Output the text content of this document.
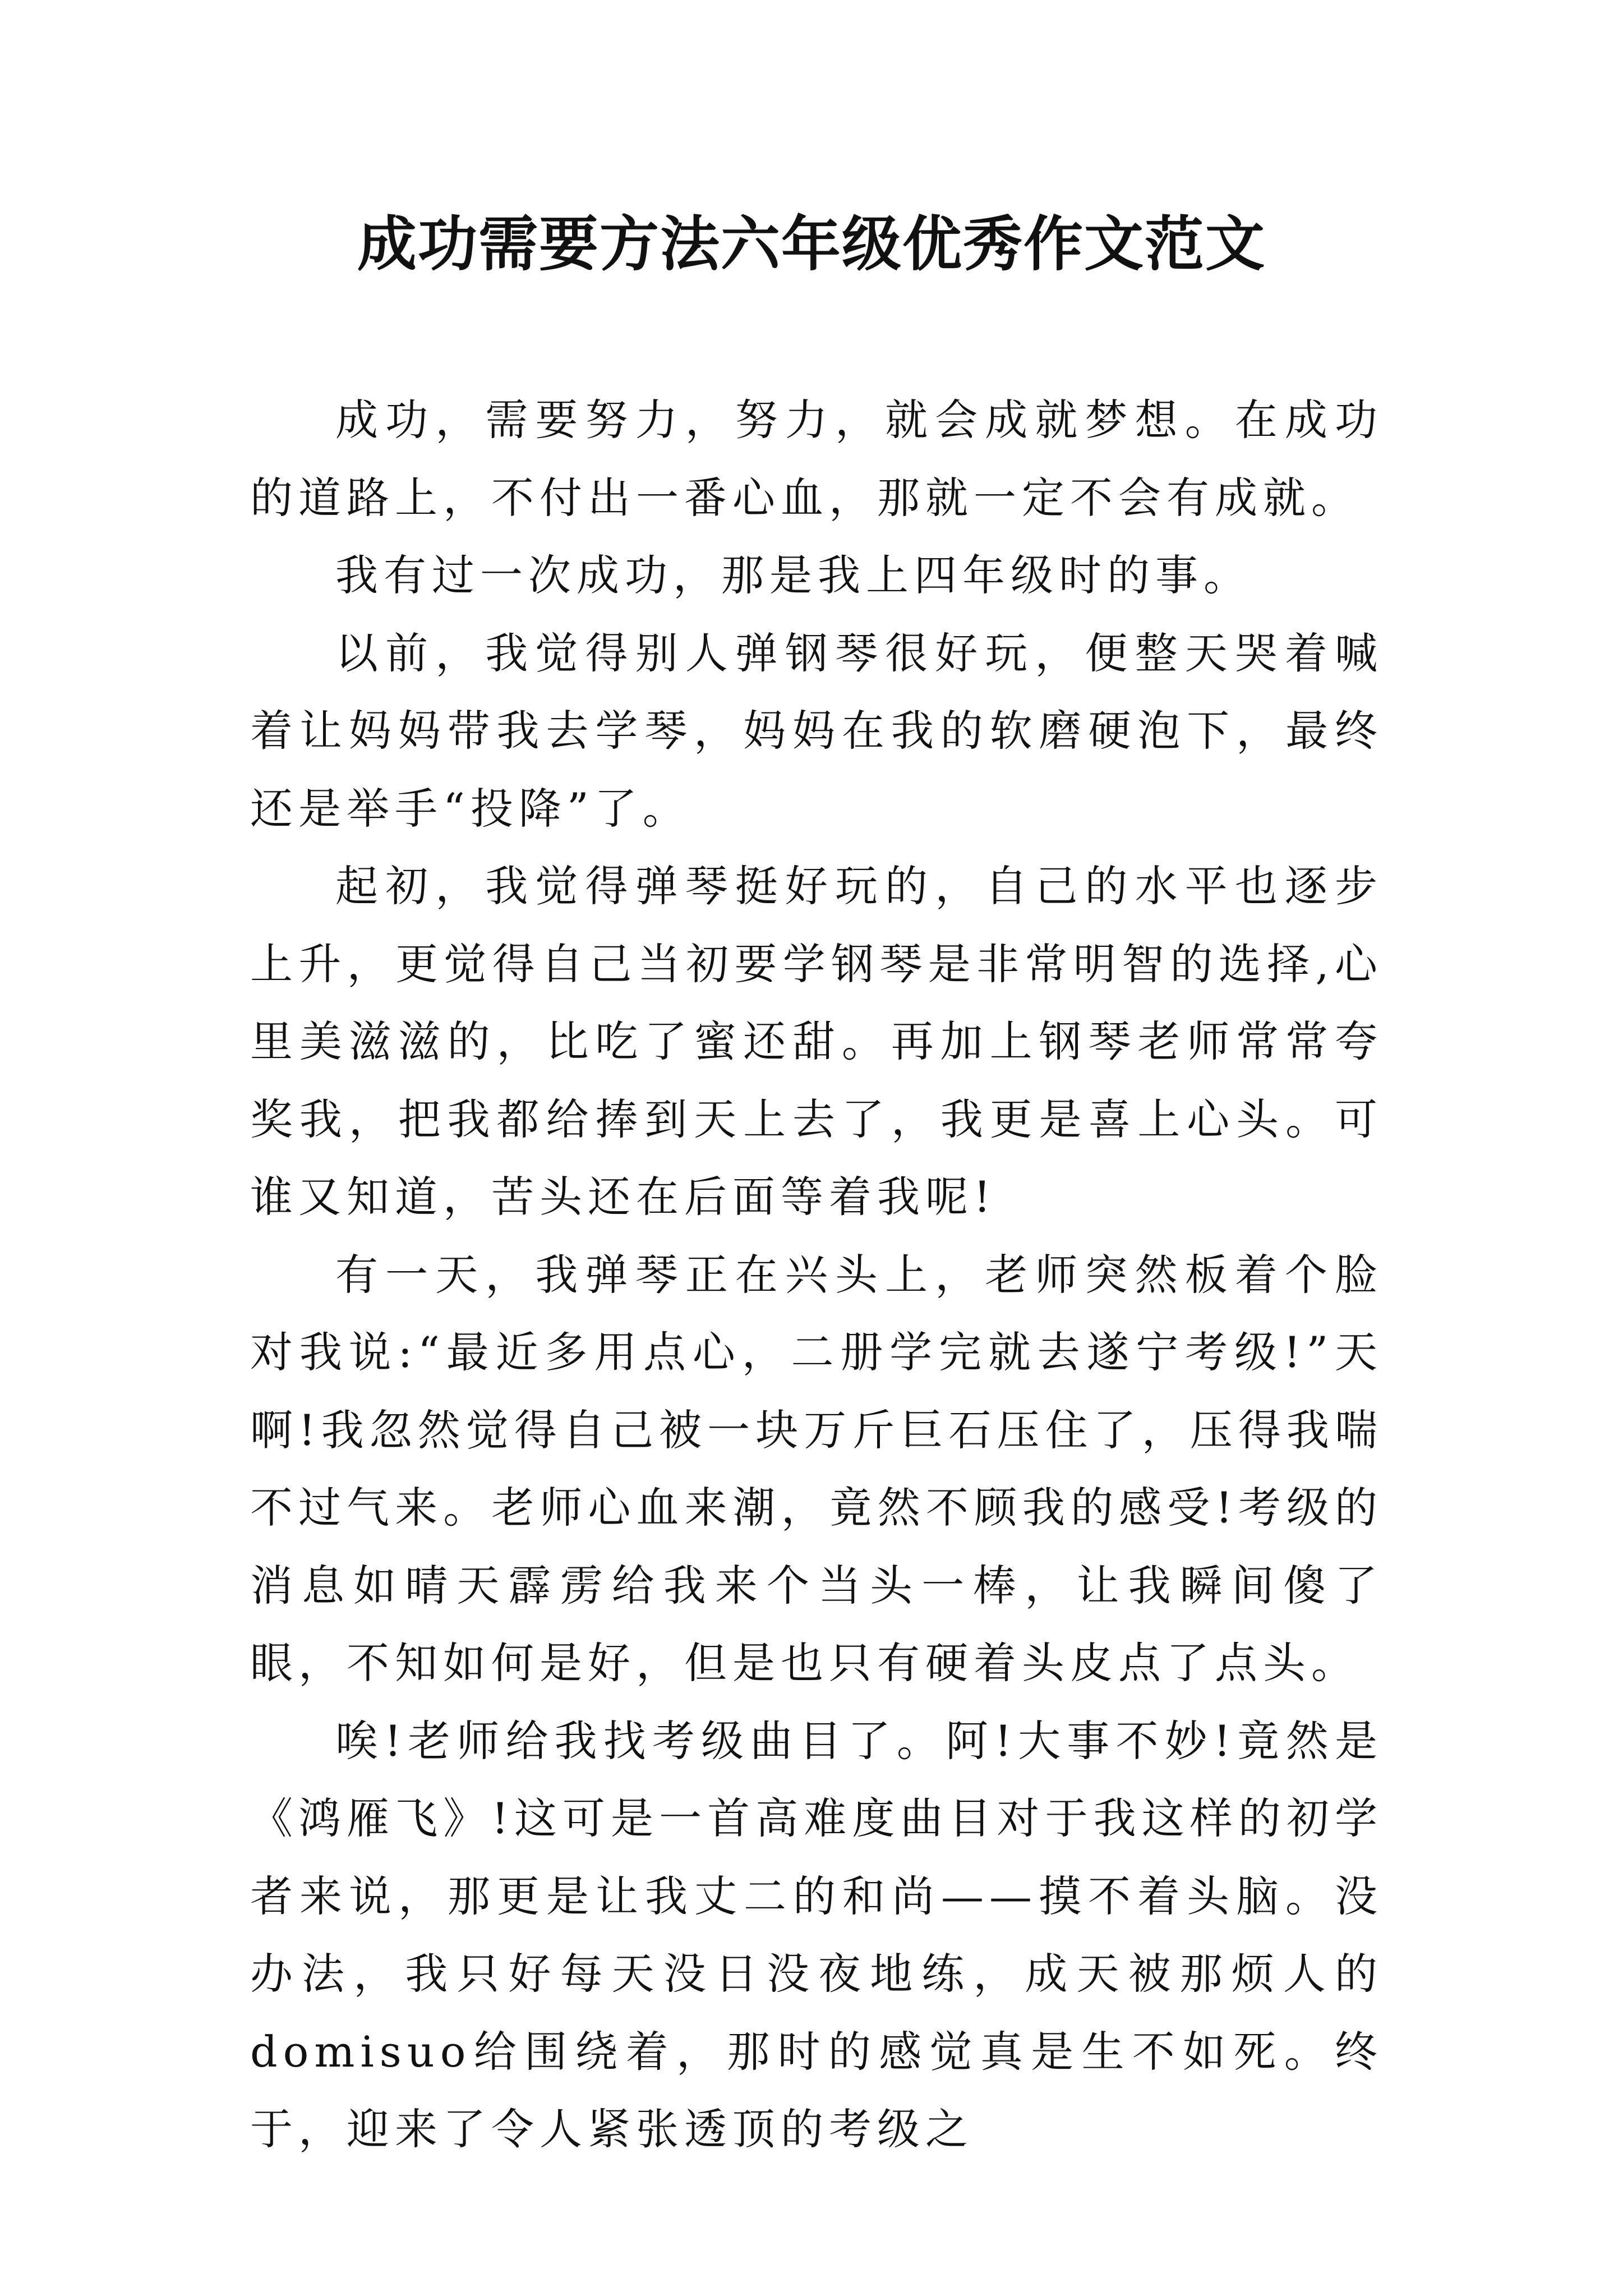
成功需要方法六年级优秀作文范文

成功，需要努力，努力，就会成就梦想。在成功的道路上，不付出一番心血，那就一定不会有成就。

我有过一次成功，那是我上四年级时的事。

以前，我觉得别人弹钢琴很好玩，便整天哭着喊着让妈妈带我去学琴，妈妈在我的软磨硬泡下，最终还是举手“投降”了。

起初，我觉得弹琴挺好玩的，自己的水平也逐步上升，更觉得自己当初要学钢琴是非常明智的选择,心里美滋滋的，比吃了蜜还甜。再加上钢琴老师常常夸奖我，把我都给捧到天上去了，我更是喜上心头。可谁又知道，苦头还在后面等着我呢!

有一天，我弹琴正在兴头上，老师突然板着个脸对我说:“最近多用点心，二册学完就去遂宁考级!”天啊!我忽然觉得自己被一块万斤巨石压住了，压得我喘不过气来。老师心血来潮，竟然不顾我的感受!考级的消息如晴天霹雳给我来个当头一棒，让我瞬间傻了眼，不知如何是好，但是也只有硬着头皮点了点头。

唉!老师给我找考级曲目了。阿!大事不妙!竟然是《鸿雁飞》!这可是一首高难度曲目对于我这样的初学者来说，那更是让我丈二的和尚——摸不着头脑。没办法，我只好每天没日没夜地练，成天被那烦人的domisuo给围绕着，那时的感觉真是生不如死。终于，迎来了令人紧张透顶的考级之
